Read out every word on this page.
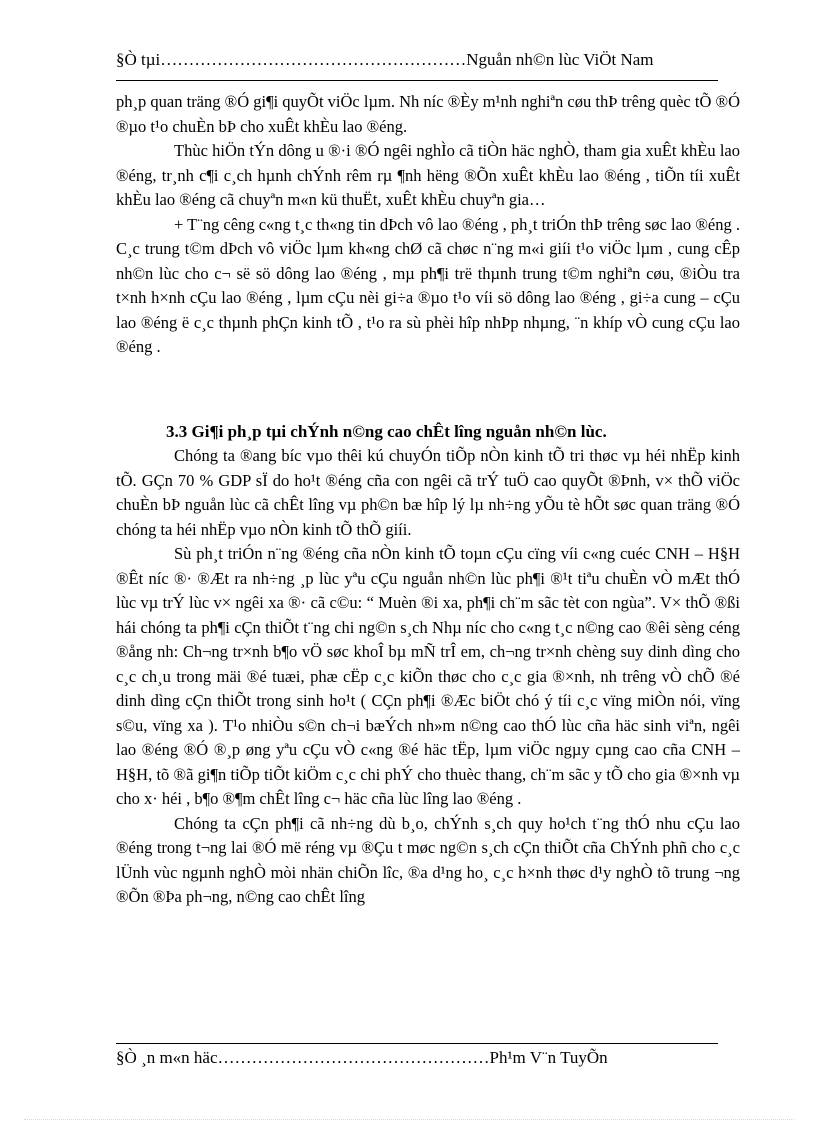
§Ò tµi………………………………………………Nguån nh©n lùc ViÖt Nam

ph¸p quan träng ®Ó gi¶i quyÕt viÖc lµm. Nh níc ®Èy m¹nh nghiªn cøu thÞ trêng quèc tÕ ®Ó ®µo t¹o chuÈn bÞ cho xuÊt khÈu lao ®éng.

Thùc hiÖn tÝn dông u ®·i ®Ó ngêi nghÌo cã tiÒn häc nghÒ, tham gia xuÊt khÈu lao ®éng, tr¸nh c¶i c¸ch hµnh chÝnh rêm rµ ¶nh hëng ®Õn xuÊt khÈu lao ®éng , tiÕn tíi xuÊt khÈu lao ®éng cã chuyªn m«n kü thuËt, xuÊt khÈu chuyªn gia…

+ T¨ng cêng c«ng t¸c th«ng tin dÞch vô lao ®éng , ph¸t triÓn thÞ trêng søc lao ®éng . C¸c trung t©m dÞch vô viÖc lµm kh«ng chØ cã chøc n¨ng m«i giíi t¹o viÖc lµm , cung cÊp nh©n lùc cho c¬ së sö dông lao ®éng , mµ ph¶i trë thµnh trung t©m nghiªn cøu, ®iÒu tra t×nh h×nh cÇu lao ®éng , lµm cÇu nèi gi÷a ®µo t¹o víi sö dông lao ®éng , gi÷a cung – cÇu lao ®éng ë c¸c thµnh phÇn kinh tÕ , t¹o ra sù phèi hîp nhÞp nhµng, ¨n khíp vÒ cung cÇu lao ®éng .

3.3 Gi¶i ph¸p tµi chÝnh n©ng cao chÊt lîng nguån nh©n lùc.

Chóng ta ®ang bíc vµo thêi kú chuyÓn tiÕp nÒn kinh tÕ tri thøc vµ héi nhËp kinh tÕ. GÇn 70 % GDP sÏ do ho¹t ®éng cña con ngêi cã trÝ tuÖ cao quyÕt ®Þnh, v× thÕ viÖc chuÈn bÞ nguån lùc cã chÊt lîng vµ ph©n bæ hîp lý lµ nh÷ng yÕu tè hÕt søc quan träng ®Ó chóng ta héi nhËp vµo nÒn kinh tÕ thÕ giíi.

Sù ph¸t triÓn n¨ng ®éng cña nÒn kinh tÕ toµn cÇu cïng víi c«ng cuéc CNH – H§H ®Êt níc ®· ®Æt ra nh÷ng ¸p lùc yªu cÇu nguån nh©n lùc ph¶i ®¹t tiªu chuÈn vÒ mÆt thÓ lùc vµ trÝ lùc v× ngêi xa ®· cã c©u: “ Muèn ®i xa, ph¶i ch¨m sãc tèt con ngùa”. V× thÕ ®ßi hái chóng ta ph¶i cÇn thiÕt t¨ng chi ng©n s¸ch Nhµ níc cho c«ng t¸c n©ng cao ®êi sèng céng ®ång nh: Ch¬ng tr×nh b¶o vÖ søc khoÎ bµ mÑ trÎ em, ch¬ng tr×nh chèng suy dinh dìng cho c¸c ch¸u trong mäi ®é tuæi, phæ cËp c¸c kiÕn thøc cho c¸c gia ®×nh, nh trêng vÒ chÕ ®é dinh dìng cÇn thiÕt trong sinh ho¹t ( CÇn ph¶i ®Æc biÖt chó ý tíi c¸c vïng miÒn nói, vïng s©u, vïng xa ). T¹o nhiÒu s©n ch¬i bæÝch nh»m n©ng cao thÓ lùc cña häc sinh viªn, ngêi lao ®éng ®Ó ®¸p øng yªu cÇu vÒ c«ng ®é häc tËp, lµm viÖc ngµy cµng cao cña CNH – H§H, tõ ®ã gi¶n tiÕp tiÕt kiÖm c¸c chi phÝ cho thuèc thang, ch¨m sãc y tÕ cho gia ®×nh vµ cho x· héi , b¶o ®¶m chÊt lîng c¬ häc cña lùc lîng lao ®éng .

Chóng ta cÇn ph¶i cã nh÷ng dù b¸o, chÝnh s¸ch quy ho¹ch t¨ng thÓ nhu cÇu lao ®éng trong t¬ng lai ®Ó më réng vµ ®Çu t møc ng©n s¸ch cÇn thiÕt cña ChÝnh phñ cho c¸c lÜnh vùc ngµnh nghÒ mòi nhän chiÕn lîc, ®a d¹ng ho¸ c¸c h×nh thøc d¹y nghÒ tõ trung ¬ng ®Õn ®Þa ph¬ng, n©ng cao chÊt lîng

§Ò ¸n m«n häc…………………………………………Ph¹m V¨n TuyÕn
